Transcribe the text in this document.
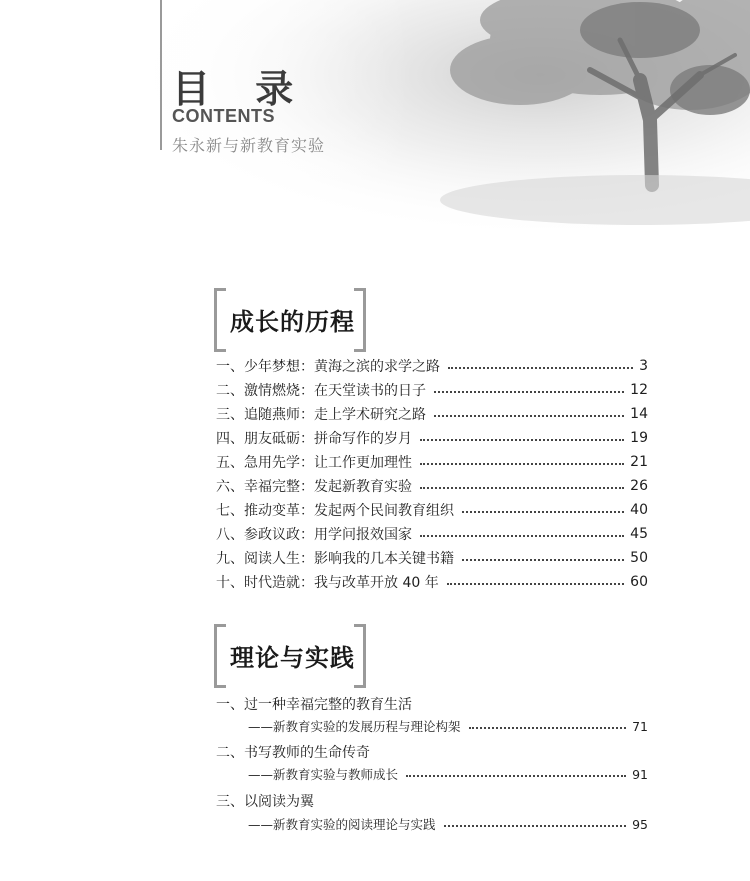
目 录
CONTENTS
朱永新与新教育实验
成长的历程
一、少年梦想：黄海之滨的求学之路	3
二、激情燃烧：在天堂读书的日子	12
三、追随燕师：走上学术研究之路	14
四、朋友砥砺：拼命写作的岁月	19
五、急用先学：让工作更加理性	21
六、幸福完整：发起新教育实验	26
七、推动变革：发起两个民间教育组织	40
八、参政议政：用学问报效国家	45
九、阅读人生：影响我的几本关键书籍	50
十、时代造就：我与改革开放 40 年	60
理论与实践
一、过一种幸福完整的教育生活
——新教育实验的发展历程与理论构架	71
二、书写教师的生命传奇
——新教育实验与教师成长	91
三、以阅读为翼
——新教育实验的阅读理论与实践	95
